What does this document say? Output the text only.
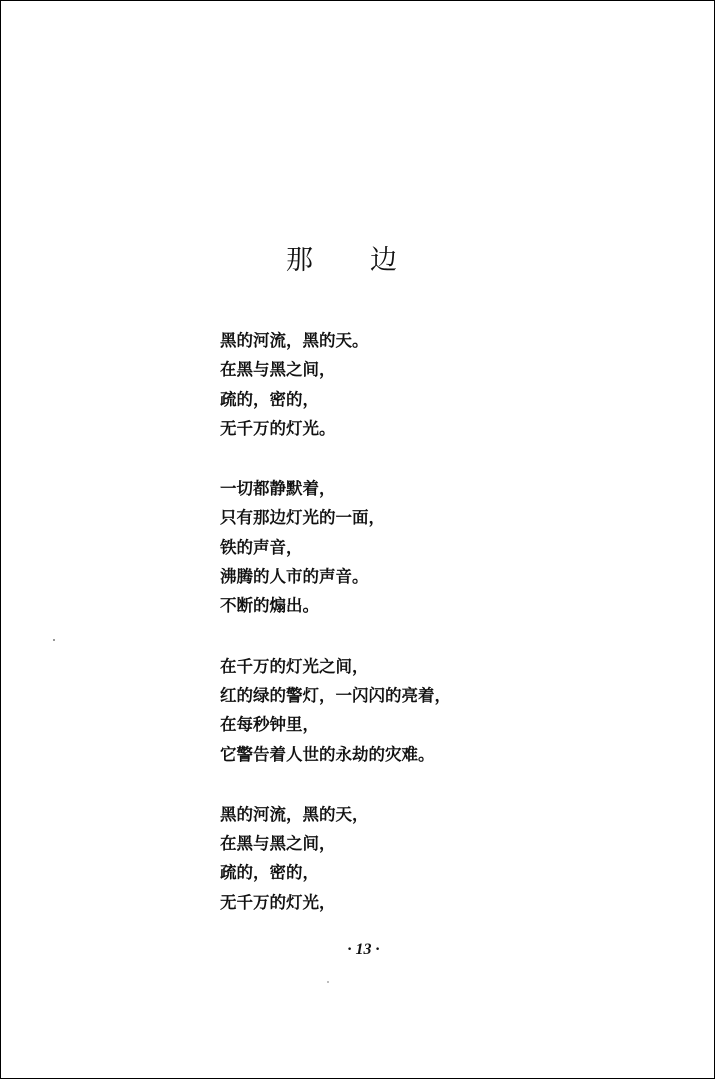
那 边
黑的河流，黑的天。
在黑与黑之间，
疏的，密的，
无千万的灯光。
一切都静默着，
只有那边灯光的一面，
铁的声音，
沸腾的人市的声音。
不断的煽出。
在千万的灯光之间，
红的绿的警灯，一闪闪的亮着，
在每秒钟里，
它警告着人世的永劫的灾难。
黑的河流，黑的天，
在黑与黑之间，
疏的，密的，
无千万的灯光，
· 13 ·
